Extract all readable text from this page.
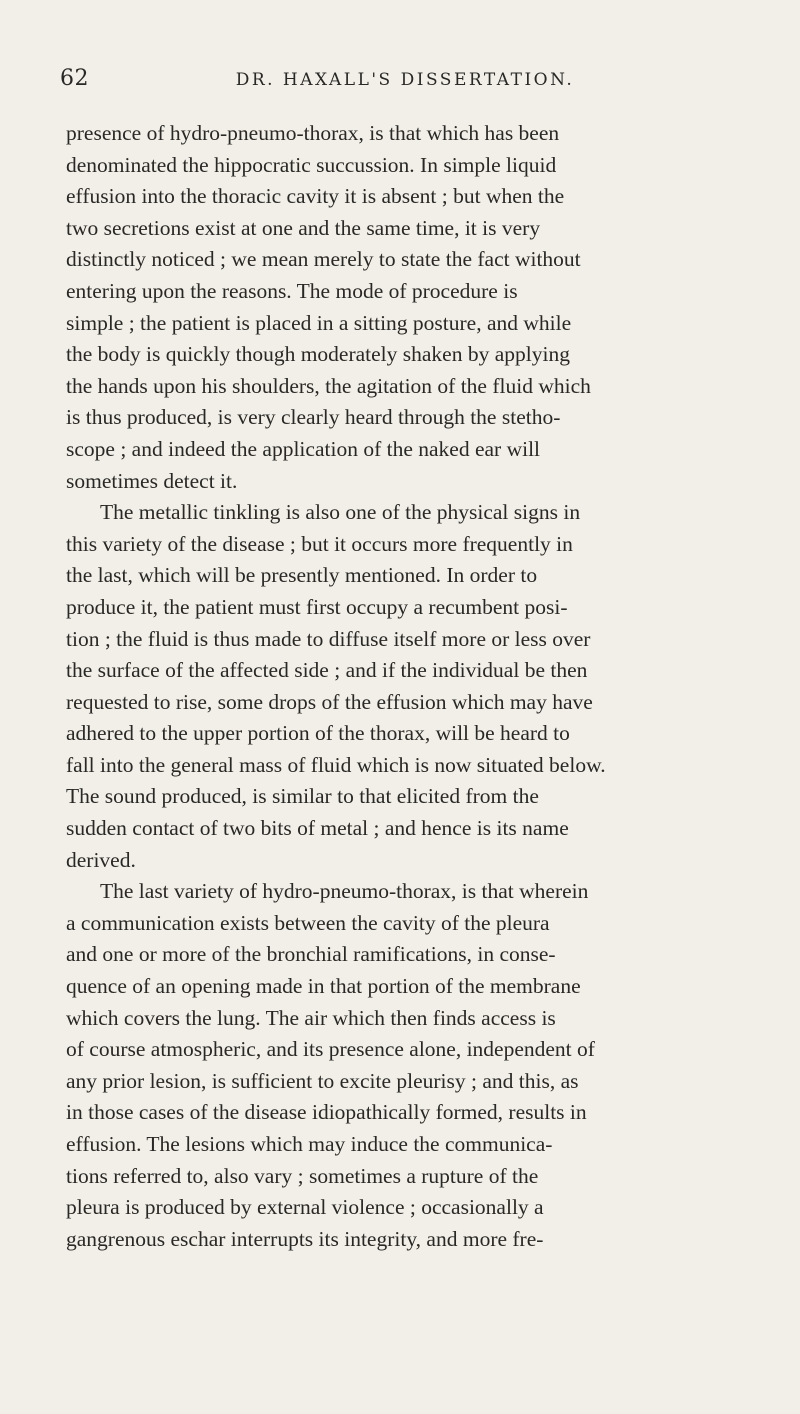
62	DR. HAXALL'S DISSERTATION.

presence of hydro-pneumo-thorax, is that which has been
denominated the hippocratic succussion. In simple liquid
effusion into the thoracic cavity it is absent ; but when the
two secretions exist at one and the same time, it is very
distinctly noticed ; we mean merely to state the fact without
entering upon the reasons. The mode of procedure is
simple ; the patient is placed in a sitting posture, and while
the body is quickly though moderately shaken by applying
the hands upon his shoulders, the agitation of the fluid which
is thus produced, is very clearly heard through the stetho-
scope ; and indeed the application of the naked ear will
sometimes detect it.

The metallic tinkling is also one of the physical signs in
this variety of the disease ; but it occurs more frequently in
the last, which will be presently mentioned. In order to
produce it, the patient must first occupy a recumbent posi-
tion ; the fluid is thus made to diffuse itself more or less over
the surface of the affected side ; and if the individual be then
requested to rise, some drops of the effusion which may have
adhered to the upper portion of the thorax, will be heard to
fall into the general mass of fluid which is now situated below.
The sound produced, is similar to that elicited from the
sudden contact of two bits of metal ; and hence is its name
derived.

The last variety of hydro-pneumo-thorax, is that wherein
a communication exists between the cavity of the pleura
and one or more of the bronchial ramifications, in conse-
quence of an opening made in that portion of the membrane
which covers the lung. The air which then finds access is
of course atmospheric, and its presence alone, independent of
any prior lesion, is sufficient to excite pleurisy ; and this, as
in those cases of the disease idiopathically formed, results in
effusion. The lesions which may induce the communica-
tions referred to, also vary ; sometimes a rupture of the
pleura is produced by external violence ; occasionally a
gangrenous eschar interrupts its integrity, and more fre-
